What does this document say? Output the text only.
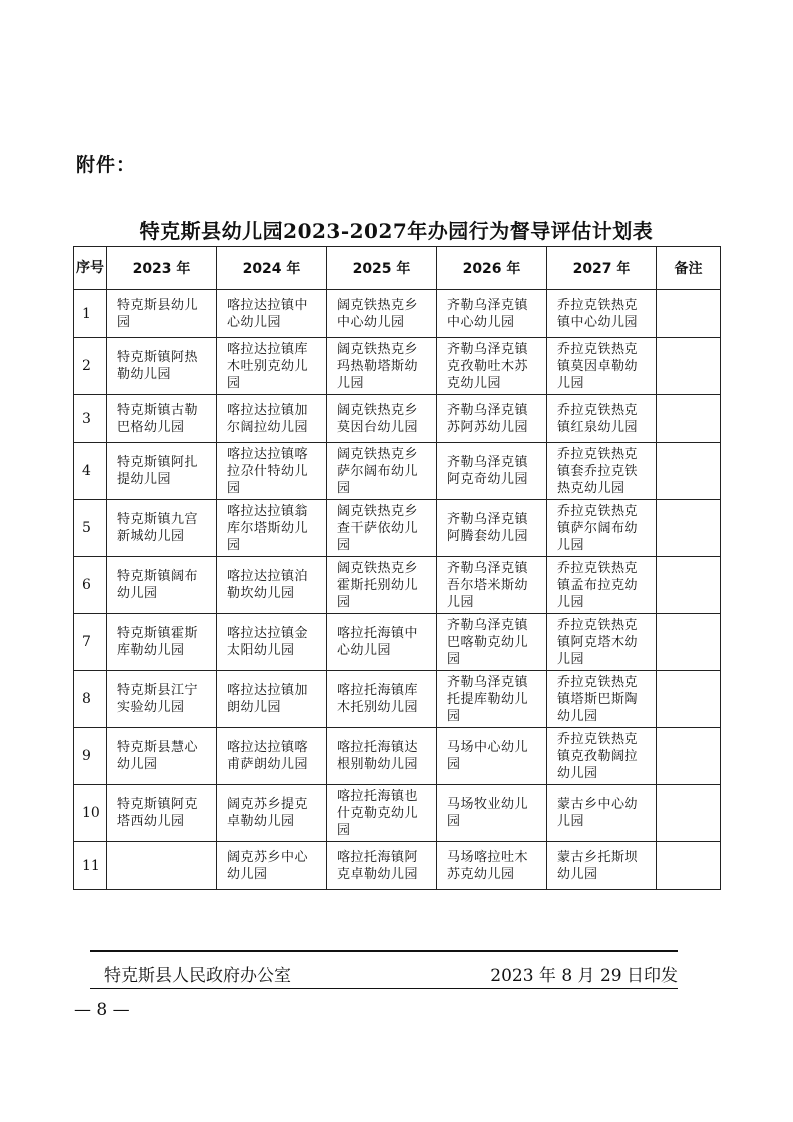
附件：
特克斯县幼儿园2023-2027年办园行为督导评估计划表
序号	2023 年	2024 年	2025 年	2026 年	2027 年	备注
1	特克斯县幼儿园	喀拉达拉镇中心幼儿园	阔克铁热克乡中心幼儿园	齐勒乌泽克镇中心幼儿园	乔拉克铁热克镇中心幼儿园	

2	特克斯镇阿热勒幼儿园	喀拉达拉镇库木吐别克幼儿园	阔克铁热克乡玛热勒塔斯幼儿园	齐勒乌泽克镇克孜勒吐木苏克幼儿园	乔拉克铁热克镇莫因卓勒幼儿园	

3	特克斯镇古勒巴格幼儿园	喀拉达拉镇加尔阔拉幼儿园	阔克铁热克乡莫因台幼儿园	齐勒乌泽克镇苏阿苏幼儿园	乔拉克铁热克镇红泉幼儿园	

4	特克斯镇阿扎提幼儿园	喀拉达拉镇喀拉尕什特幼儿园	阔克铁热克乡萨尔阔布幼儿园	齐勒乌泽克镇阿克奇幼儿园	乔拉克铁热克镇套乔拉克铁热克幼儿园	

5	特克斯镇九宫新城幼儿园	喀拉达拉镇翁库尔塔斯幼儿园	阔克铁热克乡查干萨依幼儿园	齐勒乌泽克镇阿腾套幼儿园	乔拉克铁热克镇萨尔阔布幼儿园	

6	特克斯镇阔布幼儿园	喀拉达拉镇泊勒坎幼儿园	阔克铁热克乡霍斯托别幼儿园	齐勒乌泽克镇吾尔塔米斯幼儿园	乔拉克铁热克镇孟布拉克幼儿园	

7	特克斯镇霍斯库勒幼儿园	喀拉达拉镇金太阳幼儿园	喀拉托海镇中心幼儿园	齐勒乌泽克镇巴喀勒克幼儿园	乔拉克铁热克镇阿克塔木幼儿园	

8	特克斯县江宁实验幼儿园	喀拉达拉镇加朗幼儿园	喀拉托海镇库木托别幼儿园	齐勒乌泽克镇托提库勒幼儿园	乔拉克铁热克镇塔斯巴斯陶幼儿园	

9	特克斯县慧心幼儿园	喀拉达拉镇喀甫萨朗幼儿园	喀拉托海镇达根别勒幼儿园	马场中心幼儿园	乔拉克铁热克镇克孜勒阔拉幼儿园	

10	特克斯镇阿克塔西幼儿园	阔克苏乡提克卓勒幼儿园	喀拉托海镇也什克勒克幼儿园	马场牧业幼儿园	蒙古乡中心幼儿园	

11		阔克苏乡中心幼儿园	喀拉托海镇阿克卓勒幼儿园	马场喀拉吐木苏克幼儿园	蒙古乡托斯坝幼儿园	

特克斯县人民政府办公室	2023 年 8 月 29 日印发
— 8 —
